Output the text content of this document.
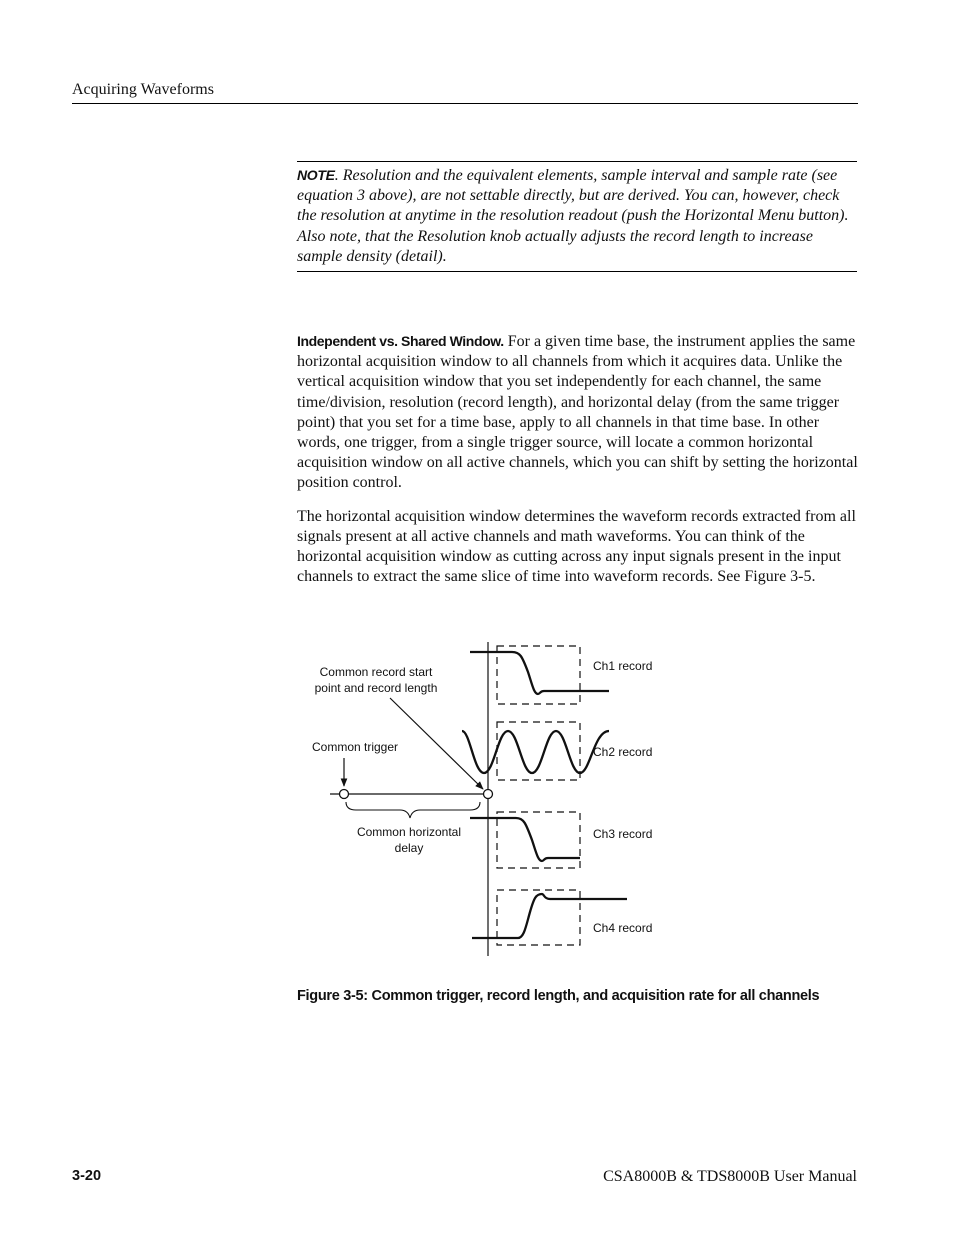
Acquiring Waveforms

NOTE. Resolution and the equivalent elements, sample interval and sample rate (see equation 3 above), are not settable directly, but are derived. You can, however, check the resolution at anytime in the resolution readout (push the Horizontal Menu button). Also note, that the Resolution knob actually adjusts the record length to increase sample density (detail).

Independent vs. Shared Window. For a given time base, the instrument applies the same horizontal acquisition window to all channels from which it acquires data. Unlike the vertical acquisition window that you set independently for each channel, the same time/division, resolution (record length), and horizontal delay (from the same trigger point) that you set for a time base, apply to all channels in that time base. In other words, one trigger, from a single trigger source, will locate a common horizontal acquisition window on all active channels, which you can shift by setting the horizontal position control.

The horizontal acquisition window determines the waveform records extracted from all signals present at all active channels and math waveforms. You can think of the horizontal acquisition window as cutting across any input signals present in the input channels to extract the same slice of time into waveform records. See Figure 3-5.

Common record start
point and record length
Common trigger
Common horizontal
delay
Ch1 record
Ch2 record
Ch3 record
Ch4 record
Figure 3-5: Common trigger, record length, and acquisition rate for all channels
3-20	CSA8000B & TDS8000B User Manual
